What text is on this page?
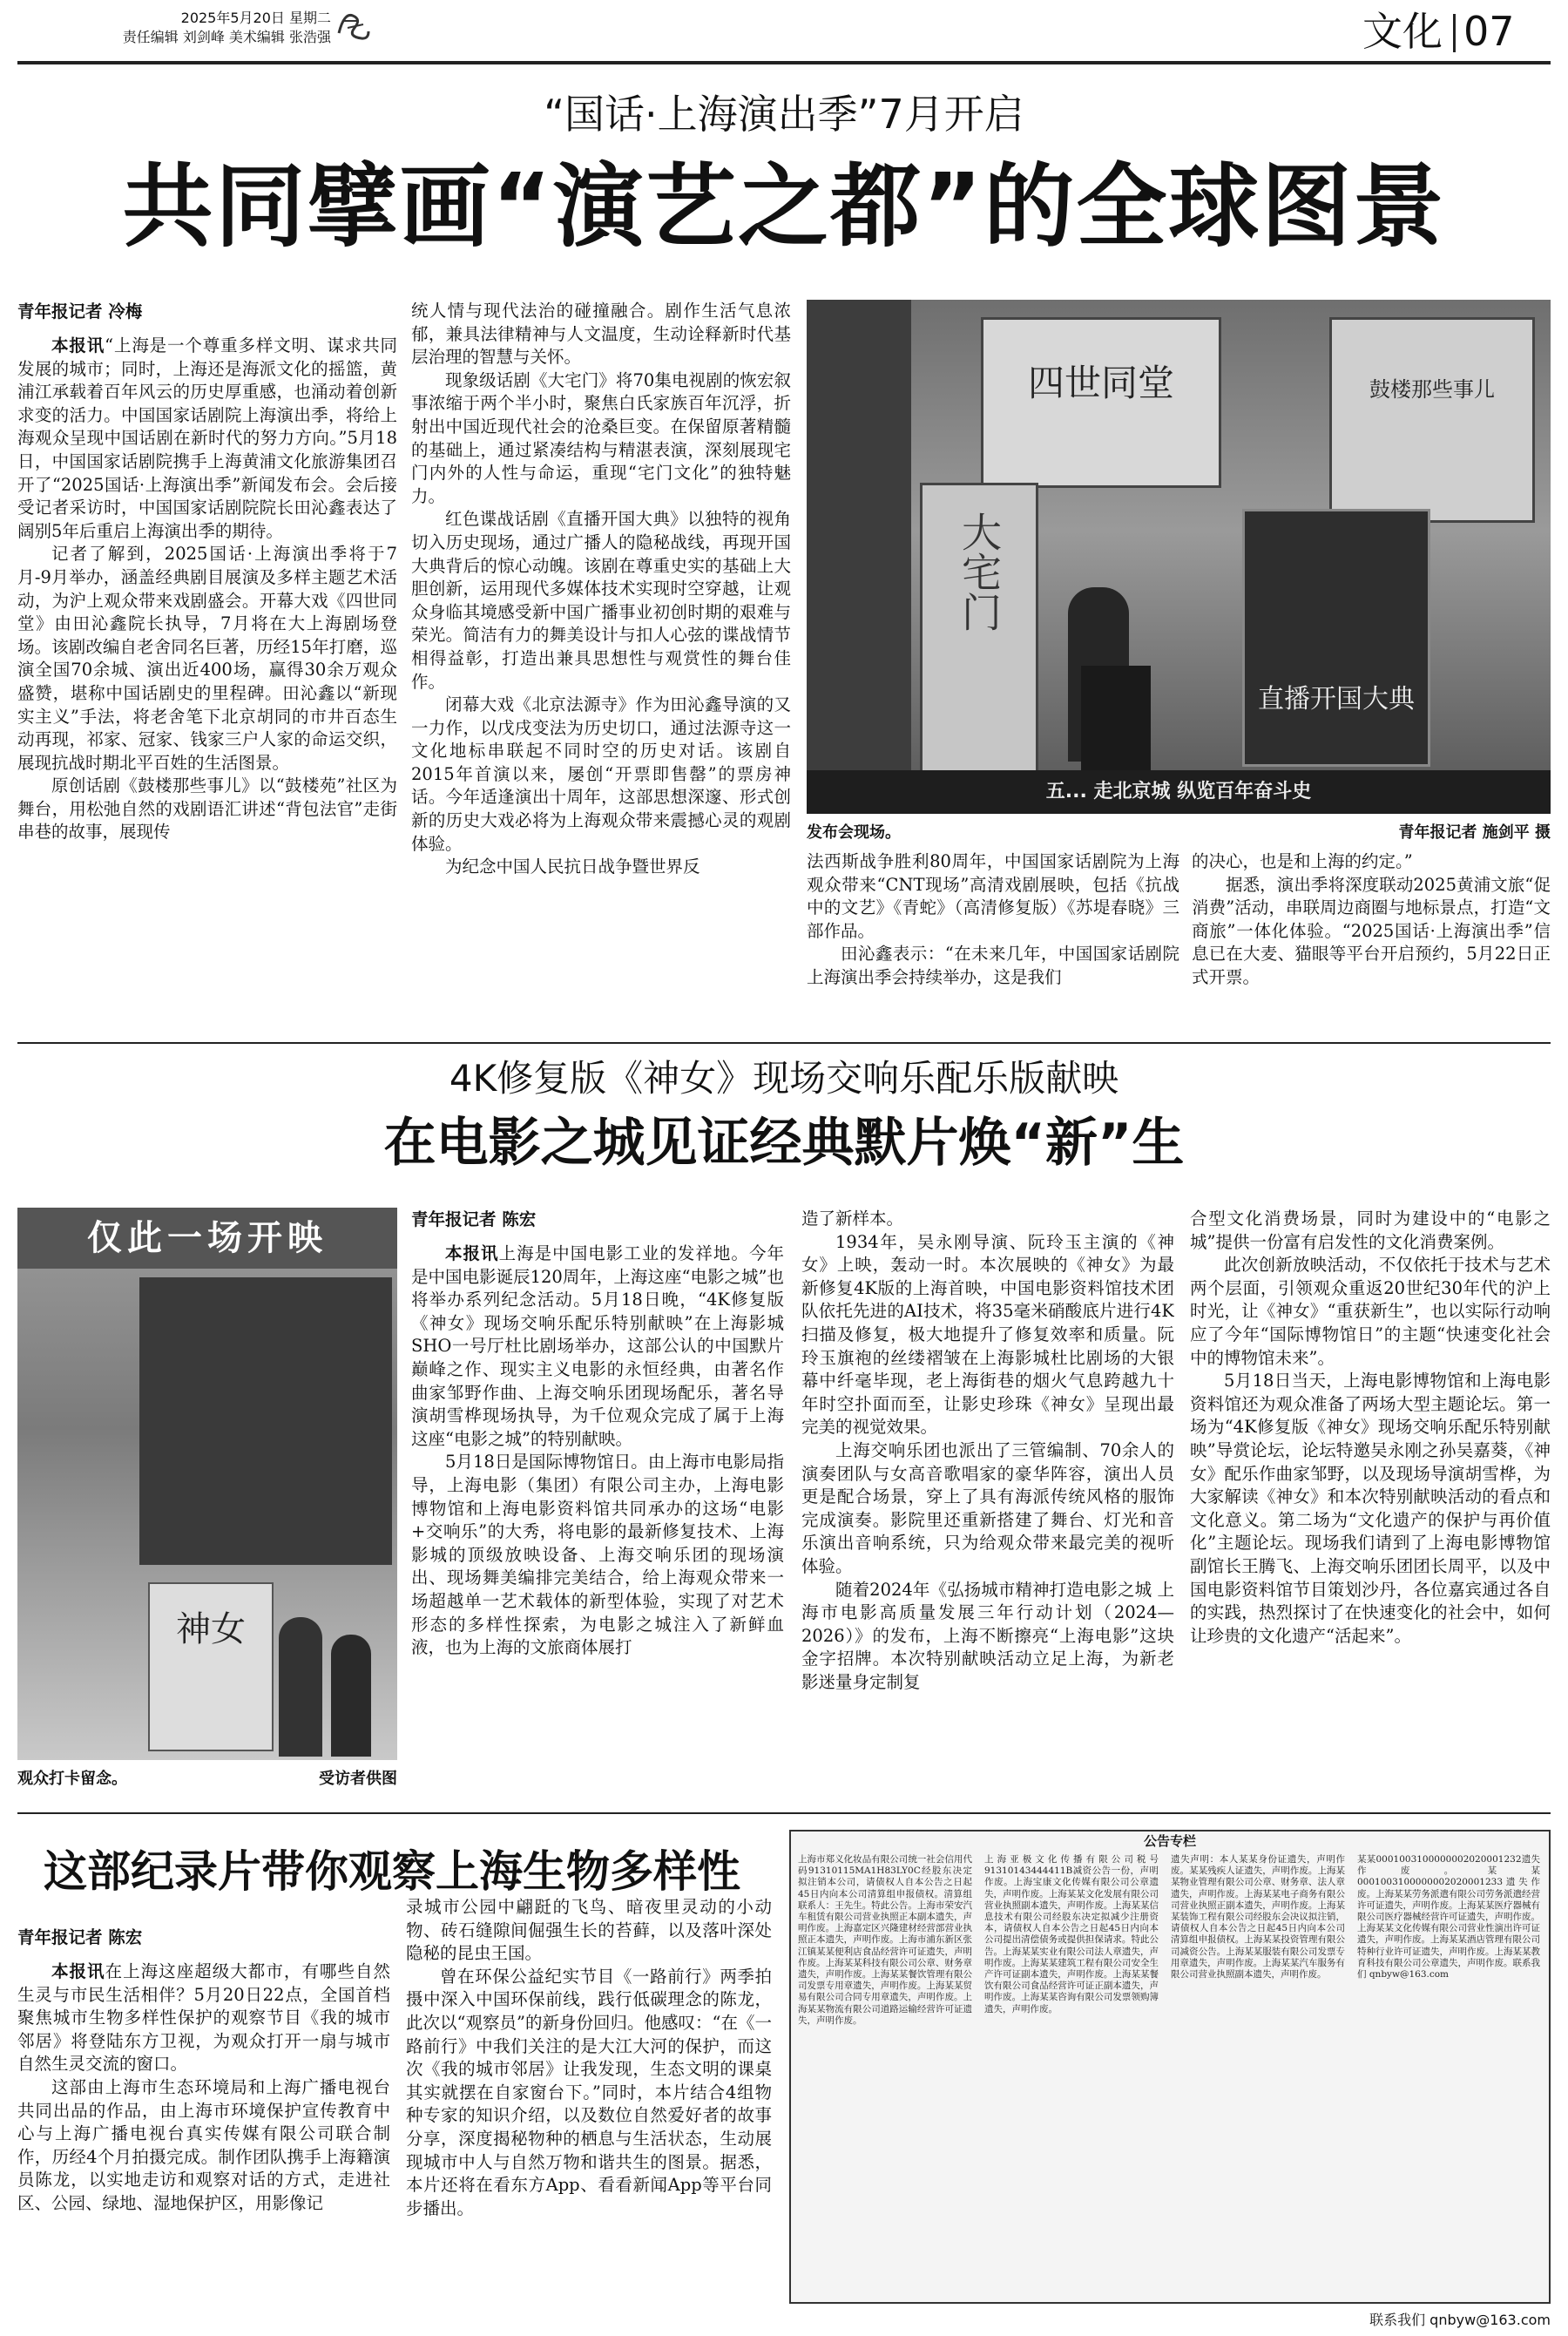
2025年5月20日 星期二
责任编辑 刘剑峰 美术编辑 张浩强	文化 07
“国话·上海演出季”7月开启
共同擘画“演艺之都”的全球图景

青年报记者 冷梅

本报讯“上海是一个尊重多样文明、谋求共同发展的城市；同时，上海还是海派文化的摇篮，黄浦江承载着百年风云的历史厚重感，也涌动着创新求变的活力。中国国家话剧院上海演出季，将给上海观众呈现中国话剧在新时代的努力方向。”5月18日，中国国家话剧院携手上海黄浦文化旅游集团召开了“2025国话·上海演出季”新闻发布会。会后接受记者采访时，中国国家话剧院院长田沁鑫表达了阔别5年后重启上海演出季的期待。

记者了解到，2025国话·上海演出季将于7月-9月举办，涵盖经典剧目展演及多样主题艺术活动，为沪上观众带来戏剧盛会。开幕大戏《四世同堂》由田沁鑫院长执导，7月将在大上海剧场登场。该剧改编自老舍同名巨著，历经15年打磨，巡演全国70余城、演出近400场，赢得30余万观众盛赞，堪称中国话剧史的里程碑。田沁鑫以“新现实主义”手法，将老舍笔下北京胡同的市井百态生动再现，祁家、冠家、钱家三户人家的命运交织，展现抗战时期北平百姓的生活图景。

原创话剧《鼓楼那些事儿》以“鼓楼苑”社区为舞台，用松弛自然的戏剧语汇讲述“背包法官”走街串巷的故事，展现传

统人情与现代法治的碰撞融合。剧作生活气息浓郁，兼具法律精神与人文温度，生动诠释新时代基层治理的智慧与关怀。

现象级话剧《大宅门》将70集电视剧的恢宏叙事浓缩于两个半小时，聚焦白氏家族百年沉浮，折射出中国近现代社会的沧桑巨变。在保留原著精髓的基础上，通过紧凑结构与精湛表演，深刻展现宅门内外的人性与命运，重现“宅门文化”的独特魅力。

红色谍战话剧《直播开国大典》以独特的视角切入历史现场，通过广播人的隐秘战线，再现开国大典背后的惊心动魄。该剧在尊重史实的基础上大胆创新，运用现代多媒体技术实现时空穿越，让观众身临其境感受新中国广播事业初创时期的艰难与荣光。简洁有力的舞美设计与扣人心弦的谍战情节相得益彰，打造出兼具思想性与观赏性的舞台佳作。

闭幕大戏《北京法源寺》作为田沁鑫导演的又一力作，以戊戌变法为历史切口，通过法源寺这一文化地标串联起不同时空的历史对话。该剧自2015年首演以来，屡创“开票即售罄”的票房神话。今年适逢演出十周年，这部思想深邃、形式创新的历史大戏必将为上海观众带来震撼心灵的观剧体验。

为纪念中国人民抗日战争暨世界反

四世同堂	鼓楼那些事儿
大宅门
直播开国大典
五... 走北京城 纵览百年奋斗史
发布会现场。	青年报记者 施剑平 摄

法西斯战争胜利80周年，中国国家话剧院为上海观众带来“CNT现场”高清戏剧展映，包括《抗战中的文艺》《青蛇》（高清修复版）《苏堤春晓》三部作品。

田沁鑫表示：“在未来几年，中国国家话剧院上海演出季会持续举办，这是我们

的决心，也是和上海的约定。”

据悉，演出季将深度联动2025黄浦文旅“促消费”活动，串联周边商圈与地标景点，打造“文商旅”一体化体验。“2025国话·上海演出季”信息已在大麦、猫眼等平台开启预约，5月22日正式开票。

4K修复版《神女》现场交响乐配乐版献映
在电影之城见证经典默片焕“新”生
仅此一场开映
神女
观众打卡留念。	受访者供图

青年报记者 陈宏

本报讯上海是中国电影工业的发祥地。今年是中国电影诞辰120周年，上海这座“电影之城”也将举办系列纪念活动。5月18日晚，“4K修复版《神女》现场交响乐配乐特别献映”在上海影城SHO一号厅杜比剧场举办，这部公认的中国默片巅峰之作、现实主义电影的永恒经典，由著名作曲家邹野作曲、上海交响乐团现场配乐，著名导演胡雪桦现场执导，为千位观众完成了属于上海这座“电影之城”的特别献映。

5月18日是国际博物馆日。由上海市电影局指导，上海电影（集团）有限公司主办，上海电影博物馆和上海电影资料馆共同承办的这场“电影+交响乐”的大秀，将电影的最新修复技术、上海影城的顶级放映设备、上海交响乐团的现场演出、现场舞美编排完美结合，给上海观众带来一场超越单一艺术载体的新型体验，实现了对艺术形态的多样性探索，为电影之城注入了新鲜血液，也为上海的文旅商体展打

造了新样本。

1934年，吴永刚导演、阮玲玉主演的《神女》上映，轰动一时。本次展映的《神女》为最新修复4K版的上海首映，中国电影资料馆技术团队依托先进的AI技术，将35毫米硝酸底片进行4K扫描及修复，极大地提升了修复效率和质量。阮玲玉旗袍的丝缕褶皱在上海影城杜比剧场的大银幕中纤毫毕现，老上海街巷的烟火气息跨越九十年时空扑面而至，让影史珍珠《神女》呈现出最完美的视觉效果。

上海交响乐团也派出了三管编制、70余人的演奏团队与女高音歌唱家的豪华阵容，演出人员更是配合场景，穿上了具有海派传统风格的服饰完成演奏。影院里还重新搭建了舞台、灯光和音乐演出音响系统，只为给观众带来最完美的视听体验。

随着2024年《弘扬城市精神打造电影之城 上海市电影高质量发展三年行动计划（2024—2026）》的发布，上海不断擦亮“上海电影”这块金字招牌。本次特别献映活动立足上海，为新老影迷量身定制复

合型文化消费场景，同时为建设中的“电影之城”提供一份富有启发性的文化消费案例。

此次创新放映活动，不仅依托于技术与艺术两个层面，引领观众重返20世纪30年代的沪上时光，让《神女》“重获新生”，也以实际行动响应了今年“国际博物馆日”的主题“快速变化社会中的博物馆未来”。

5月18日当天，上海电影博物馆和上海电影资料馆还为观众准备了两场大型主题论坛。第一场为“4K修复版《神女》现场交响乐配乐特别献映”导赏论坛，论坛特邀吴永刚之孙吴嘉葵，《神女》配乐作曲家邹野，以及现场导演胡雪桦，为大家解读《神女》和本次特别献映活动的看点和文化意义。第二场为“文化遗产的保护与再价值化”主题论坛。现场我们请到了上海电影博物馆副馆长王腾飞、上海交响乐团团长周平，以及中国电影资料馆节目策划沙丹，各位嘉宾通过各自的实践，热烈探讨了在快速变化的社会中，如何让珍贵的文化遗产“活起来”。

这部纪录片带你观察上海生物多样性

青年报记者 陈宏

本报讯在上海这座超级大都市，有哪些自然生灵与市民生活相伴？5月20日22点，全国首档聚焦城市生物多样性保护的观察节目《我的城市邻居》将登陆东方卫视，为观众打开一扇与城市自然生灵交流的窗口。

这部由上海市生态环境局和上海广播电视台共同出品的作品，由上海市环境保护宣传教育中心与上海广播电视台真实传媒有限公司联合制作，历经4个月拍摄完成。制作团队携手上海籍演员陈龙，以实地走访和观察对话的方式，走进社区、公园、绿地、湿地保护区，用影像记

录城市公园中翩跹的飞鸟、暗夜里灵动的小动物、砖石缝隙间倔强生长的苔藓，以及落叶深处隐秘的昆虫王国。

曾在环保公益纪实节目《一路前行》两季拍摄中深入中国环保前线，践行低碳理念的陈龙，此次以“观察员”的新身份回归。他感叹：“在《一路前行》中我们关注的是大江大河的保护，而这次《我的城市邻居》让我发现，生态文明的课桌其实就摆在自家窗台下。”同时，本片结合4组物种专家的知识介绍，以及数位自然爱好者的故事分享，深度揭秘物种的栖息与生活状态，生动展现城市中人与自然万物和谐共生的图景。据悉，本片还将在看东方App、看看新闻App等平台同步播出。

公告专栏

上海市郑义化妆品有限公司统一社会信用代码91310115MA1H83LY0C经股东决定拟注销本公司，请债权人自本公告之日起45日内向本公司清算组申报债权。清算组联系人：王先生。特此公告。上海市荣安汽车租赁有限公司营业执照正本副本遗失，声明作废。上海嘉定区兴隆建材经营部营业执照正本遗失，声明作废。上海市浦东新区张江镇某某便利店食品经营许可证遗失，声明作废。上海某某科技有限公司公章、财务章遗失，声明作废。上海某某餐饮管理有限公司发票专用章遗失，声明作废。上海某某贸易有限公司合同专用章遗失，声明作废。上海某某物流有限公司道路运输经营许可证遗失，声明作废。

上海亚极文化传播有限公司税号91310143444411B减资公告一份，声明作废。上海宝康文化传媒有限公司公章遗失，声明作废。上海某某文化发展有限公司营业执照副本遗失，声明作废。上海某某信息技术有限公司经股东决定拟减少注册资本，请债权人自本公告之日起45日内向本公司提出清偿债务或提供担保请求。特此公告。上海某某实业有限公司法人章遗失，声明作废。上海某某建筑工程有限公司安全生产许可证副本遗失，声明作废。上海某某餐饮有限公司食品经营许可证正副本遗失，声明作废。上海某某咨询有限公司发票领购簿遗失，声明作废。

遗失声明：本人某某身份证遗失，声明作废。某某残疾人证遗失，声明作废。上海某某物业管理有限公司公章、财务章、法人章遗失，声明作废。上海某某电子商务有限公司营业执照正副本遗失，声明作废。上海某某装饰工程有限公司经股东会决议拟注销，请债权人自本公告之日起45日内向本公司清算组申报债权。上海某某投资管理有限公司减资公告。上海某某服装有限公司发票专用章遗失，声明作废。上海某某汽车服务有限公司营业执照副本遗失，声明作废。

某某0001003100000002020001232遗失作废。某某0001003100000002020001233遗失作废。上海某某劳务派遣有限公司劳务派遣经营许可证遗失，声明作废。上海某某医疗器械有限公司医疗器械经营许可证遗失，声明作废。上海某某文化传媒有限公司营业性演出许可证遗失，声明作废。上海某某酒店管理有限公司特种行业许可证遗失，声明作废。上海某某教育科技有限公司公章遗失，声明作废。联系我们 qnbyw@163.com

联系我们 qnbyw@163.com
